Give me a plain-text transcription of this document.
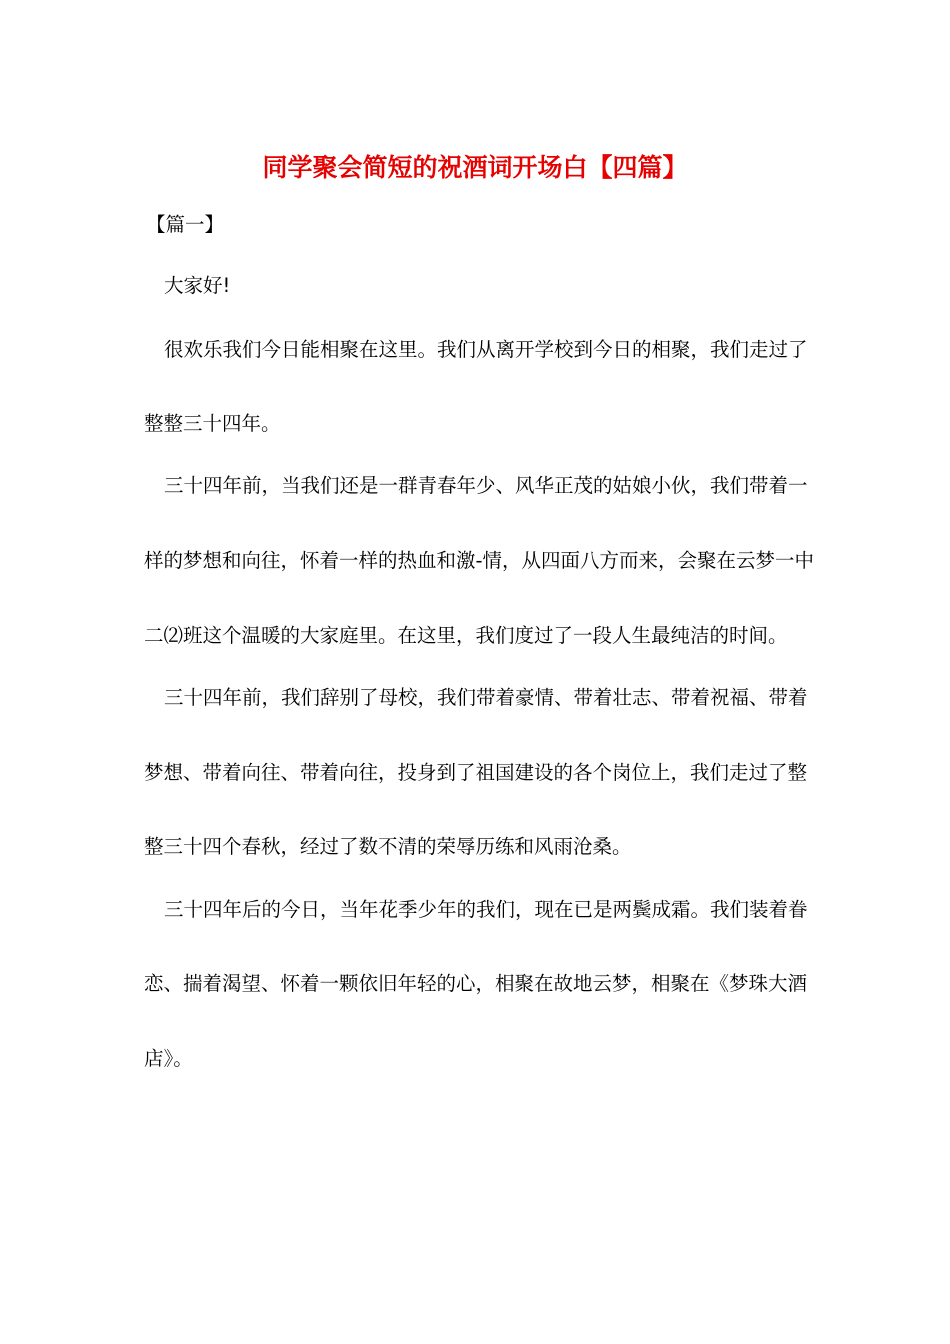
同学聚会简短的祝酒词开场白【四篇】
【篇一】
大家好!
很欢乐我们今日能相聚在这里。我们从离开学校到今日的相聚，我们走过了
整整三十四年。
三十四年前，当我们还是一群青春年少、风华正茂的姑娘小伙，我们带着一
样的梦想和向往，怀着一样的热血和激-情，从四面八方而来，会聚在云梦一中
二⑵班这个温暖的大家庭里。在这里，我们度过了一段人生最纯洁的时间。
三十四年前，我们辞别了母校，我们带着豪情、带着壮志、带着祝福、带着
梦想、带着向往、带着向往，投身到了祖国建设的各个岗位上，我们走过了整
整三十四个春秋，经过了数不清的荣辱历练和风雨沧桑。
三十四年后的今日，当年花季少年的我们，现在已是两鬓成霜。我们装着眷
恋、揣着渴望、怀着一颗依旧年轻的心，相聚在故地云梦，相聚在《梦珠大酒
店》。
